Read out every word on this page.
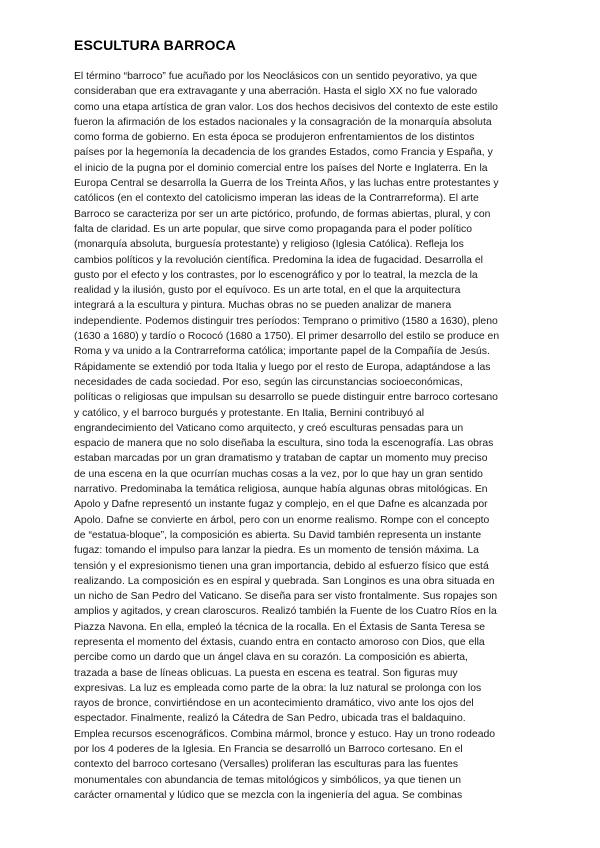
ESCULTURA BARROCA
El término “barroco” fue acuñado por los Neoclásicos con un sentido peyorativo, ya que
consideraban que era extravagante y una aberración. Hasta el siglo XX no fue valorado
como una etapa artística de gran valor. Los dos hechos decisivos del contexto de este estilo
fueron la afirmación de los estados nacionales y la consagración de la monarquía absoluta
como forma de gobierno. En esta época se produjeron enfrentamientos de los distintos
países por la hegemonía la decadencia de los grandes Estados, como Francia y España, y
el inicio de la pugna por el dominio comercial entre los países del Norte e Inglaterra. En la
Europa Central se desarrolla la Guerra de los Treinta Años, y las luchas entre protestantes y
católicos (en el contexto del catolicismo imperan las ideas de la Contrarreforma). El arte
Barroco se caracteriza por ser un arte pictórico, profundo, de formas abiertas, plural, y con
falta de claridad. Es un arte popular, que sirve como propaganda para el poder político
(monarquía absoluta, burguesía protestante) y religioso (Iglesia Católica). Refleja los
cambios políticos y la revolución científica. Predomina la idea de fugacidad. Desarrolla el
gusto por el efecto y los contrastes, por lo escenográfico y por lo teatral, la mezcla de la
realidad y la ilusión, gusto por el equívoco. Es un arte total, en el que la arquitectura
integrará a la escultura y pintura. Muchas obras no se pueden analizar de manera
independiente. Podemos distinguir tres períodos: Temprano o primitivo (1580 a 1630), pleno
(1630 a 1680) y tardío o Rococó (1680 a 1750). El primer desarrollo del estilo se produce en
Roma y va unido a la Contrarreforma católica; importante papel de la Compañía de Jesús.
Rápidamente se extendió por toda Italia y luego por el resto de Europa, adaptándose a las
necesidades de cada sociedad. Por eso, según las circunstancias socioeconómicas,
políticas o religiosas que impulsan su desarrollo se puede distinguir entre barroco cortesano
y católico, y el barroco burgués y protestante. En Italia, Bernini contribuyó al
engrandecimiento del Vaticano como arquitecto, y creó esculturas pensadas para un
espacio de manera que no solo diseñaba la escultura, sino toda la escenografía. Las obras
estaban marcadas por un gran dramatismo y trataban de captar un momento muy preciso
de una escena en la que ocurrían muchas cosas a la vez, por lo que hay un gran sentido
narrativo. Predominaba la temática religiosa, aunque había algunas obras mitológicas. En
Apolo y Dafne representó un instante fugaz y complejo, en el que Dafne es alcanzada por
Apolo. Dafne se convierte en árbol, pero con un enorme realismo. Rompe con el concepto
de “estatua-bloque”, la composición es abierta. Su David también representa un instante
fugaz: tomando el impulso para lanzar la piedra. Es un momento de tensión máxima. La
tensión y el expresionismo tienen una gran importancia, debido al esfuerzo físico que está
realizando. La composición es en espiral y quebrada. San Longinos es una obra situada en
un nicho de San Pedro del Vaticano. Se diseña para ser visto frontalmente. Sus ropajes son
amplios y agitados, y crean claroscuros. Realizó también la Fuente de los Cuatro Ríos en la
Piazza Navona. En ella, empleó la técnica de la rocalla. En el Éxtasis de Santa Teresa se
representa el momento del éxtasis, cuando entra en contacto amoroso con Dios, que ella
percibe como un dardo que un ángel clava en su corazón. La composición es abierta,
trazada a base de líneas oblicuas. La puesta en escena es teatral. Son figuras muy
expresivas. La luz es empleada como parte de la obra: la luz natural se prolonga con los
rayos de bronce, convirtiéndose en un acontecimiento dramático, vivo ante los ojos del
espectador. Finalmente, realizó la Cátedra de San Pedro, ubicada tras el baldaquino.
Emplea recursos escenográficos. Combina mármol, bronce y estuco. Hay un trono rodeado
por los 4 poderes de la Iglesia. En Francia se desarrolló un Barroco cortesano. En el
contexto del barroco cortesano (Versalles) proliferan las esculturas para las fuentes
monumentales con abundancia de temas mitológicos y simbólicos, ya que tienen un
carácter ornamental y lúdico que se mezcla con la ingeniería del agua. Se combinas
